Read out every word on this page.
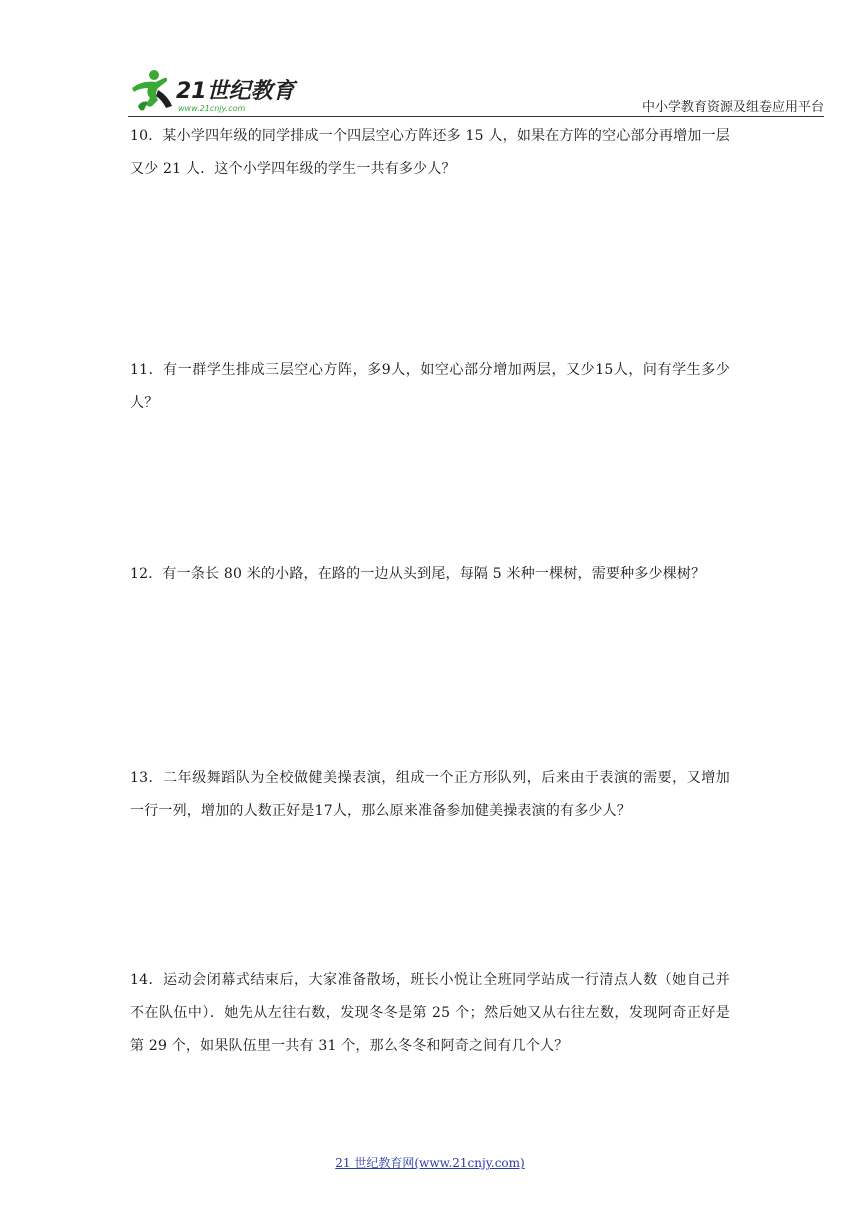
21世纪教育
www.21cnjy.com	中小学教育资源及组卷应用平台
10．某小学四年级的同学排成一个四层空心方阵还多 15 人，如果在方阵的空心部分再增加一层又少 21 人．这个小学四年级的学生一共有多少人？
11．有一群学生排成三层空心方阵，多9人，如空心部分增加两层，又少15人，问有学生多少人？
12．有一条长 80 米的小路，在路的一边从头到尾，每隔 5 米种一棵树，需要种多少棵树？
13．二年级舞蹈队为全校做健美操表演，组成一个正方形队列，后来由于表演的需要，又增加一行一列，增加的人数正好是17人，那么原来准备参加健美操表演的有多少人？
14．运动会闭幕式结束后，大家准备散场，班长小悦让全班同学站成一行清点人数（她自己并不在队伍中）．她先从左往右数，发现冬冬是第 25 个；然后她又从右往左数，发现阿奇正好是第 29 个，如果队伍里一共有 31 个，那么冬冬和阿奇之间有几个人？
21 世纪教育网(www.21cnjy.com)
